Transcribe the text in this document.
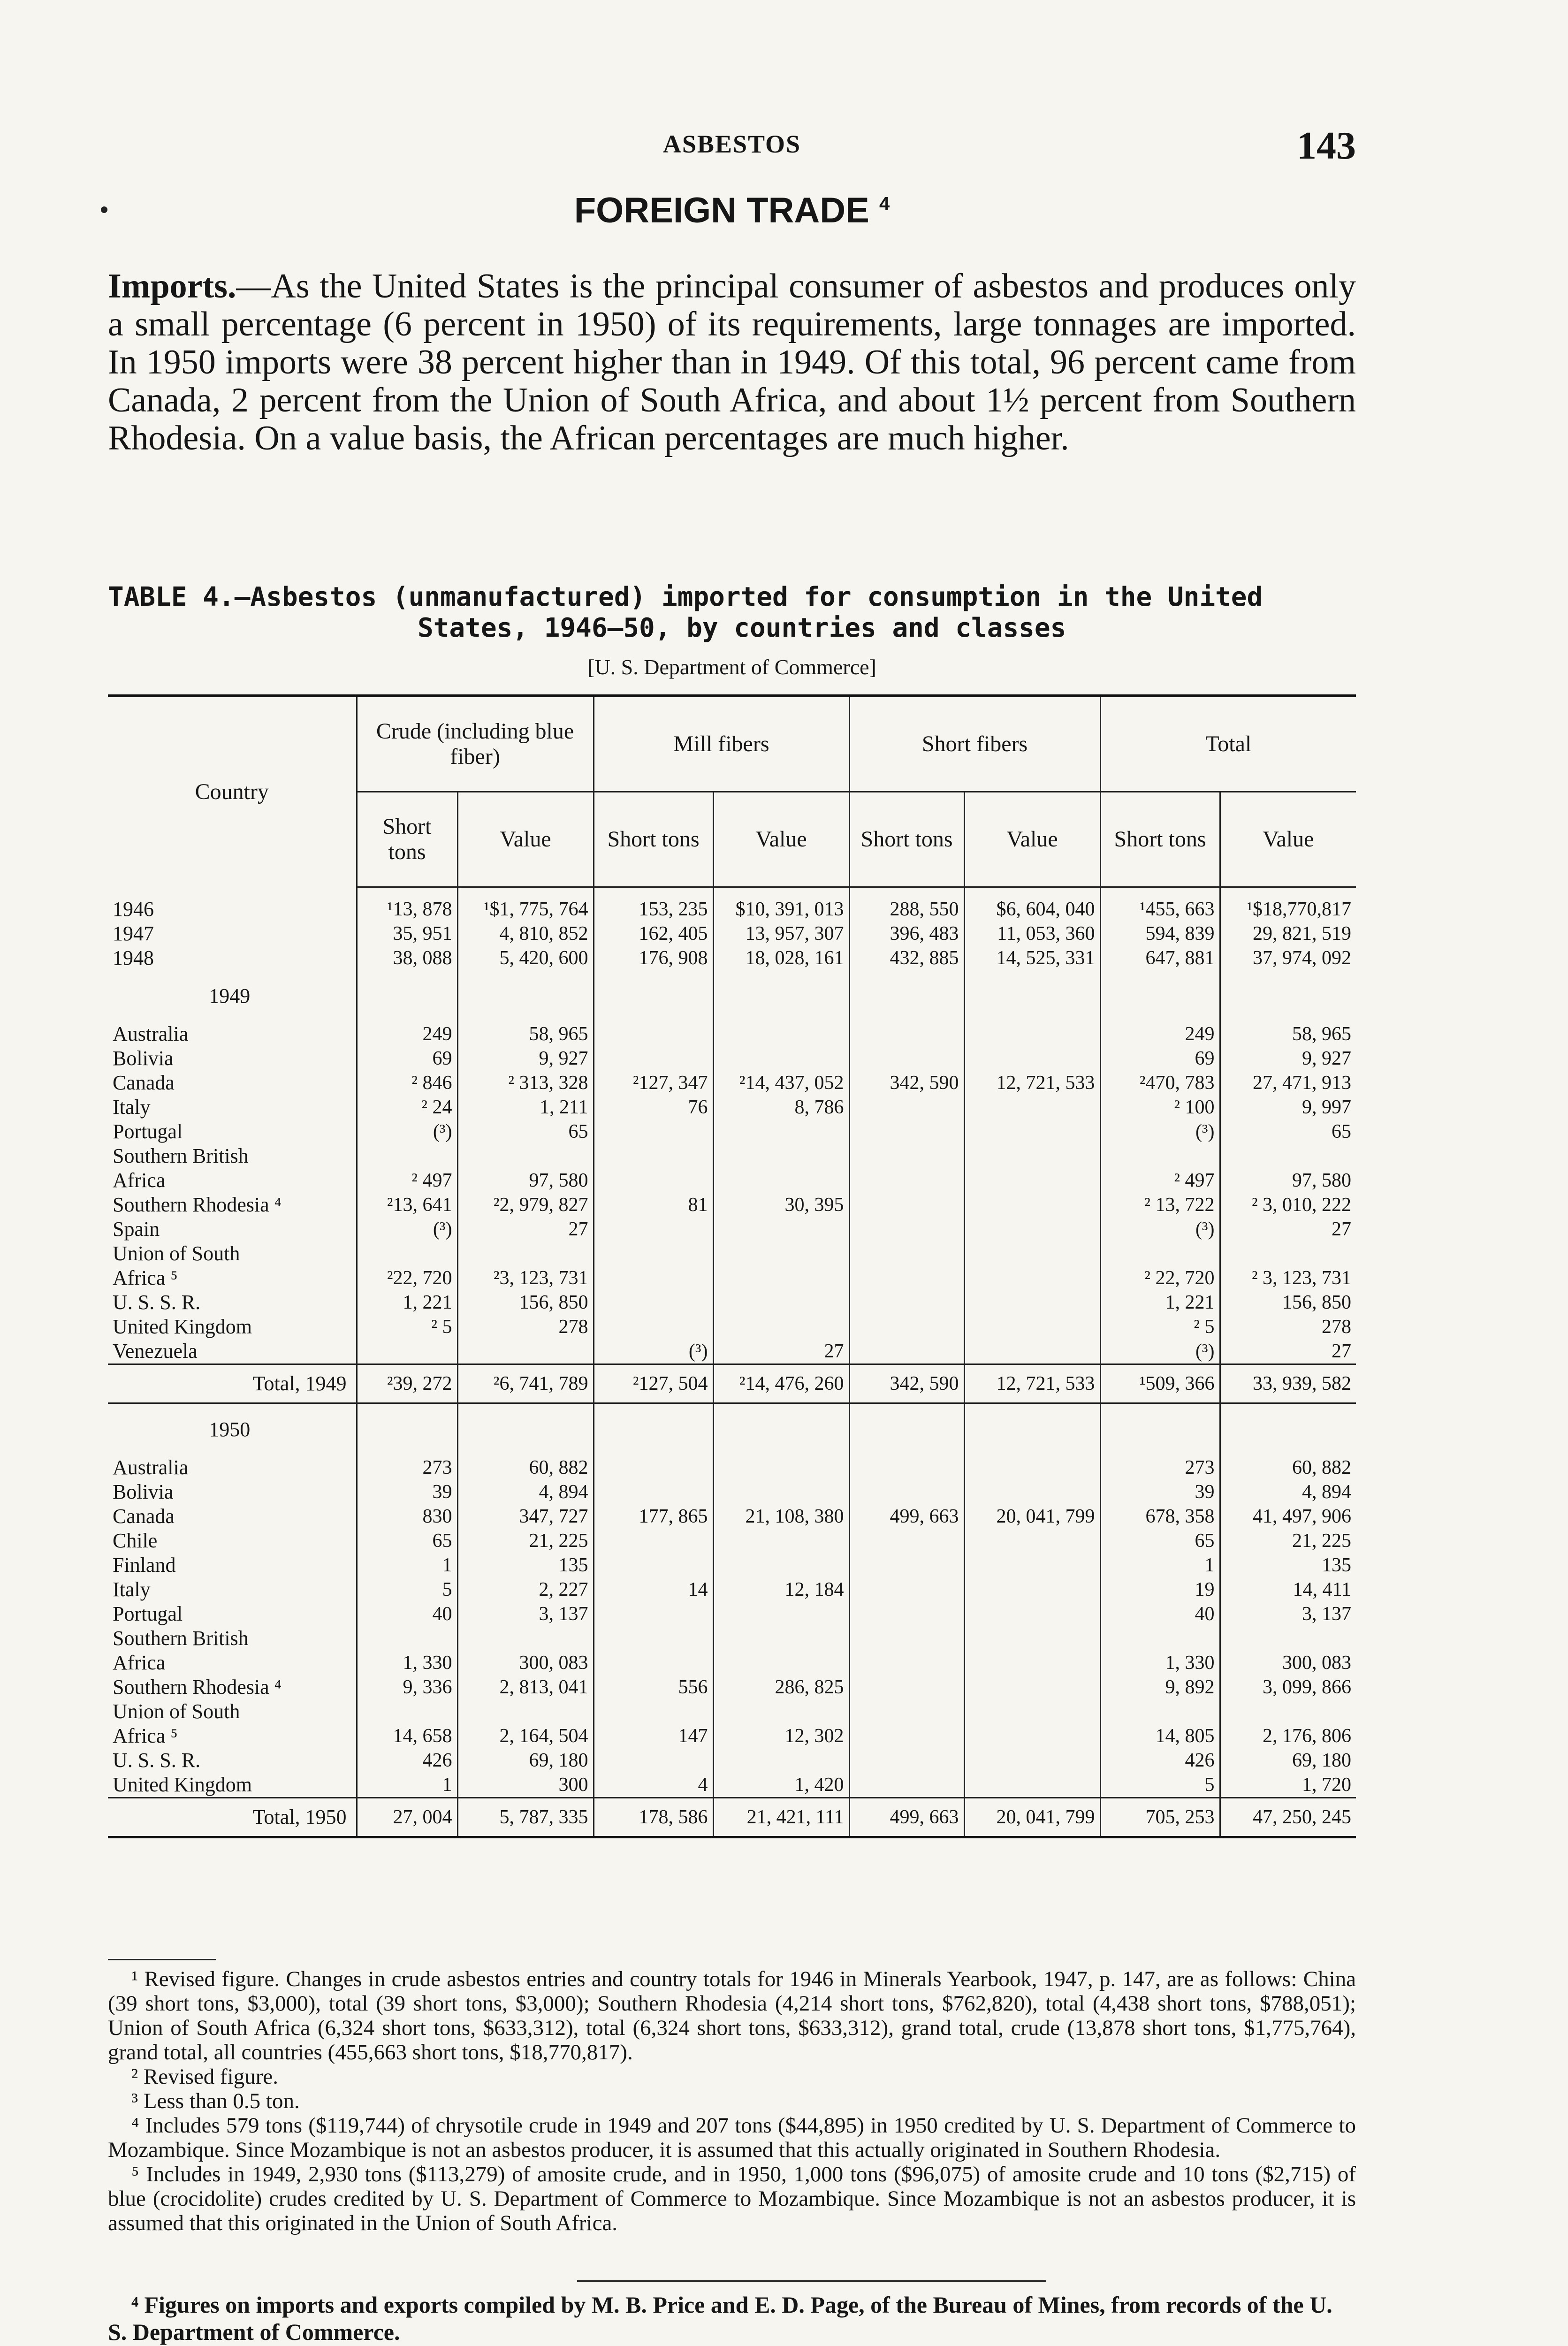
ASBESTOS	143
FOREIGN TRADE $^4$
Imports.—As the United States is the principal consumer of asbestos and produces only a small percentage (6 percent in 1950) of its requirements, large tonnages are imported. In 1950 imports were 38 percent higher than in 1949. Of this total, 96 percent came from Canada, 2 percent from the Union of South Africa, and about 1½ percent from Southern Rhodesia. On a value basis, the African percentages are much higher.
TABLE 4.—Asbestos (unmanufactured) imported for consumption in the United
States, 1946–50, by countries and classes
[U. S. Department of Commerce]
Country	Crude (including blue fiber)		Mill fibers		Short fibers		Total	
	Short tons	Value	Short tons	Value	Short tons	Value	Short tons	Value

1946	¹13, 878	¹$1, 775, 764	153, 235	$10, 391, 013	288, 550	$6, 604, 040	¹455, 663	¹$18,770,817
1947	35, 951	4, 810, 852	162, 405	13, 957, 307	396, 483	11, 053, 360	594, 839	29, 821, 519
1948	38, 088	5, 420, 600	176, 908	18, 028, 161	432, 885	14, 525, 331	647, 881	37, 974, 092
1949								
Australia	249	58, 965					249	58, 965
Bolivia	69	9, 927					69	9, 927
Canada	² 846	² 313, 328	²127, 347	²14, 437, 052	342, 590	12, 721, 533	²470, 783	27, 471, 913
Italy	² 24	1, 211	76	8, 786			² 100	9, 997
Portugal	(³)	65					(³)	65
Southern British								
Africa	² 497	97, 580					² 497	97, 580
Southern Rhodesia ⁴	²13, 641	²2, 979, 827	81	30, 395			² 13, 722	² 3, 010, 222
Spain	(³)	27					(³)	27
Union of South								
Africa ⁵	²22, 720	²3, 123, 731					² 22, 720	² 3, 123, 731
U. S. S. R.	1, 221	156, 850					1, 221	156, 850
United Kingdom	² 5	278					² 5	278
Venezuela			(³)	27			(³)	27
Total, 1949	²39, 272	²6, 741, 789	²127, 504	²14, 476, 260	342, 590	12, 721, 533	¹509, 366	33, 939, 582
1950								
Australia	273	60, 882					273	60, 882
Bolivia	39	4, 894					39	4, 894
Canada	830	347, 727	177, 865	21, 108, 380	499, 663	20, 041, 799	678, 358	41, 497, 906
Chile	65	21, 225					65	21, 225
Finland	1	135					1	135
Italy	5	2, 227	14	12, 184			19	14, 411
Portugal	40	3, 137					40	3, 137
Southern British								
Africa	1, 330	300, 083					1, 330	300, 083
Southern Rhodesia ⁴	9, 336	2, 813, 041	556	286, 825			9, 892	3, 099, 866
Union of South								
Africa ⁵	14, 658	2, 164, 504	147	12, 302			14, 805	2, 176, 806
U. S. S. R.	426	69, 180					426	69, 180
United Kingdom	1	300	4	1, 420			5	1, 720
Total, 1950	27, 004	5, 787, 335	178, 586	21, 421, 111	499, 663	20, 041, 799	705, 253	47, 250, 245

¹ Revised figure. Changes in crude asbestos entries and country totals for 1946 in Minerals Yearbook, 1947, p. 147, are as follows: China (39 short tons, $3,000), total (39 short tons, $3,000); Southern Rhodesia (4,214 short tons, $762,820), total (4,438 short tons, $788,051); Union of South Africa (6,324 short tons, $633,312), total (6,324 short tons, $633,312), grand total, crude (13,878 short tons, $1,775,764), grand total, all countries (455,663 short tons, $18,770,817).

² Revised figure.

³ Less than 0.5 ton.

⁴ Includes 579 tons ($119,744) of chrysotile crude in 1949 and 207 tons ($44,895) in 1950 credited by U. S. Department of Commerce to Mozambique. Since Mozambique is not an asbestos producer, it is assumed that this actually originated in Southern Rhodesia.

⁵ Includes in 1949, 2,930 tons ($113,279) of amosite crude, and in 1950, 1,000 tons ($96,075) of amosite crude and 10 tons ($2,715) of blue (crocidolite) crudes credited by U. S. Department of Commerce to Mozambique. Since Mozambique is not an asbestos producer, it is assumed that this originated in the Union of South Africa.

⁴ Figures on imports and exports compiled by M. B. Price and E. D. Page, of the Bureau of Mines, from records of the U. S. Department of Commerce.
